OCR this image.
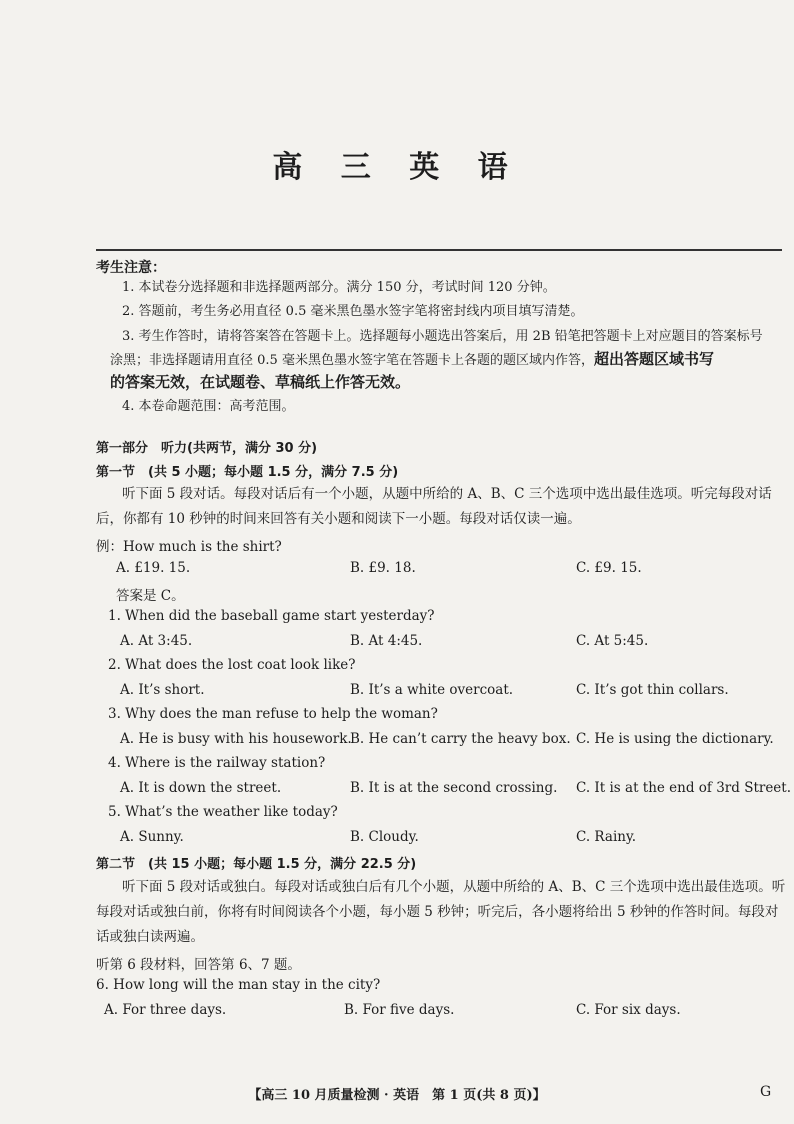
高 三 英 语
考生注意：
1. 本试卷分选择题和非选择题两部分。满分 150 分，考试时间 120 分钟。
2. 答题前，考生务必用直径 0.5 毫米黑色墨水签字笔将密封线内项目填写清楚。
3. 考生作答时，请将答案答在答题卡上。选择题每小题选出答案后，用 2B 铅笔把答题卡上对应题目的答案标号
涂黑；非选择题请用直径 0.5 毫米黑色墨水签字笔在答题卡上各题的题区域内作答，超出答题区域书写
的答案无效，在试题卷、草稿纸上作答无效。
4. 本卷命题范围：高考范围。
第一部分　听力(共两节，满分 30 分)
第一节　(共 5 小题；每小题 1.5 分，满分 7.5 分)
听下面 5 段对话。每段对话后有一个小题，从题中所给的 A、B、C 三个选项中选出最佳选项。听完每段对话后，你都有 10 秒钟的时间来回答有关小题和阅读下一小题。每段对话仅读一遍。
例：How much is the shirt?
A. £19. 15.	B. £9. 18.	C. £9. 15.
答案是 C。
1. When did the baseball game start yesterday?
A. At 3:45.	B. At 4:45.	C. At 5:45.
2. What does the lost coat look like?
A. It’s short.	B. It’s a white overcoat.	C. It’s got thin collars.
3. Why does the man refuse to help the woman?
A. He is busy with his housework.
B. He can’t carry the heavy box. C. He is using the dictionary.
4. Where is the railway station?
A. It is down the street.	B. It is at the second crossing. C. It is at the end of 3rd Street.
5. What’s the weather like today?
A. Sunny.	B. Cloudy.	C. Rainy.
第二节　(共 15 小题；每小题 1.5 分，满分 22.5 分)
听下面 5 段对话或独白。每段对话或独白后有几个小题，从题中所给的 A、B、C 三个选项中选出最佳选项。听每段对话或独白前，你将有时间阅读各个小题，每小题 5 秒钟；听完后，各小题将给出 5 秒钟的作答时间。每段对话或独白读两遍。
听第 6 段材料，回答第 6、7 题。
6. How long will the man stay in the city?
A. For three days.	B. For five days.	C. For six days.
【高三 10 月质量检测 · 英语　第 1 页(共 8 页)】	G
